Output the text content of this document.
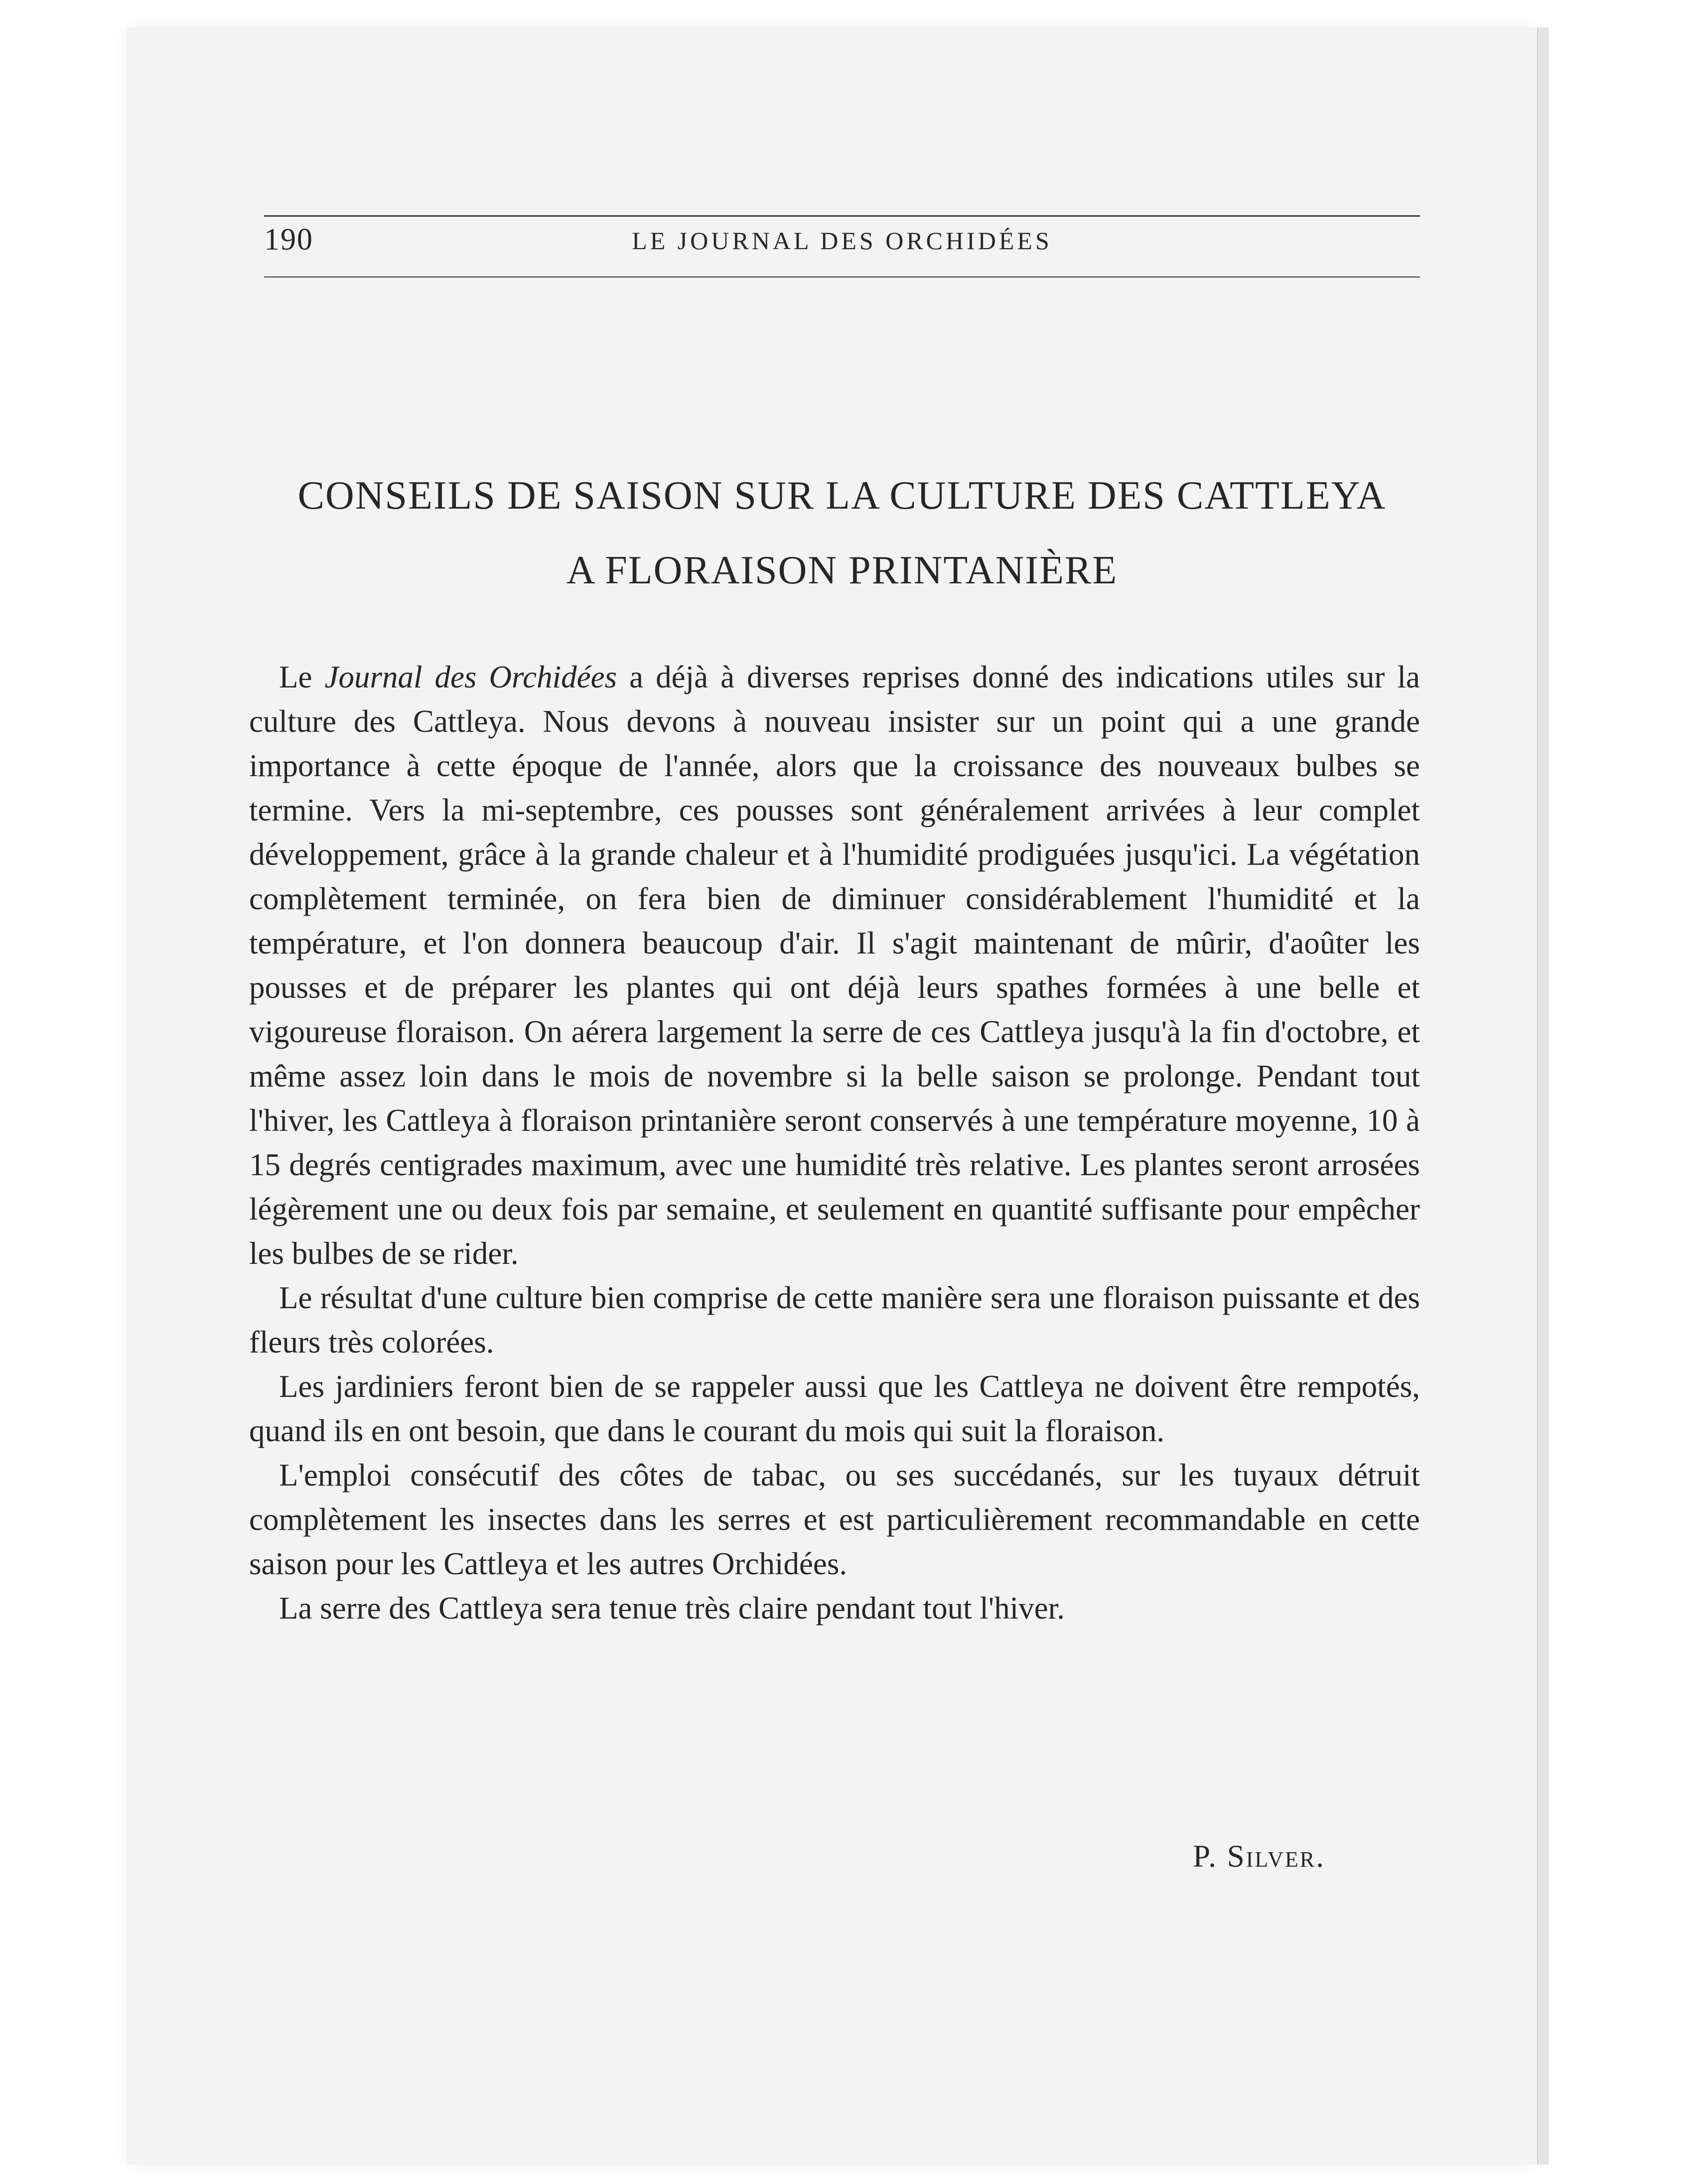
190	LE JOURNAL DES ORCHIDÉES
CONSEILS DE SAISON SUR LA CULTURE DES CATTLEYA
A FLORAISON PRINTANIÈRE

Le Journal des Orchidées a déjà à diverses reprises donné des indications utiles sur la culture des Cattleya. Nous devons à nouveau insister sur un point qui a une grande importance à cette époque de l'année, alors que la croissance des nouveaux bulbes se termine. Vers la mi-septembre, ces pousses sont généralement arrivées à leur complet développement, grâce à la grande chaleur et à l'humidité prodiguées jusqu'ici. La végétation complètement terminée, on fera bien de diminuer considérablement l'humidité et la température, et l'on donnera beaucoup d'air. Il s'agit maintenant de mûrir, d'aoûter les pousses et de préparer les plantes qui ont déjà leurs spathes formées à une belle et vigoureuse floraison. On aérera largement la serre de ces Cattleya jusqu'à la fin d'octobre, et même assez loin dans le mois de novembre si la belle saison se prolonge. Pendant tout l'hiver, les Cattleya à floraison printanière seront conservés à une température moyenne, 10 à 15 degrés centigrades maximum, avec une humidité très relative. Les plantes seront arrosées légèrement une ou deux fois par semaine, et seulement en quantité suffisante pour empêcher les bulbes de se rider.

Le résultat d'une culture bien comprise de cette manière sera une floraison puissante et des fleurs très colorées.

Les jardiniers feront bien de se rappeler aussi que les Cattleya ne doivent être rempotés, quand ils en ont besoin, que dans le courant du mois qui suit la floraison.

L'emploi consécutif des côtes de tabac, ou ses succédanés, sur les tuyaux détruit complètement les insectes dans les serres et est particulièrement recommandable en cette saison pour les Cattleya et les autres Orchidées.

La serre des Cattleya sera tenue très claire pendant tout l'hiver.

P. Silver.
